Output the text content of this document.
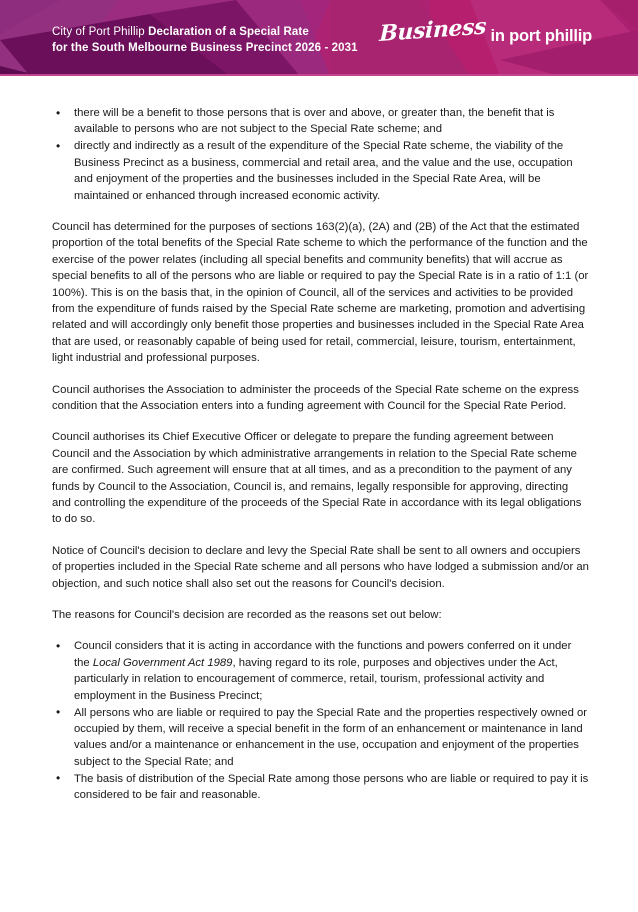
City of Port Phillip Declaration of a Special Rate
for the South Melbourne Business Precinct 2026 - 2031
Business in port phillip
• there will be a benefit to those persons that is over and above, or greater than, the benefit that is available to persons who are not subject to the Special Rate scheme; and
• directly and indirectly as a result of the expenditure of the Special Rate scheme, the viability of the Business Precinct as a business, commercial and retail area, and the value and the use, occupation and enjoyment of the properties and the businesses included in the Special Rate Area, will be maintained or enhanced through increased economic activity.

Council has determined for the purposes of sections 163(2)(a), (2A) and (2B) of the Act that the estimated proportion of the total benefits of the Special Rate scheme to which the performance of the function and the exercise of the power relates (including all special benefits and community benefits) that will accrue as special benefits to all of the persons who are liable or required to pay the Special Rate is in a ratio of 1:1 (or 100%). This is on the basis that, in the opinion of Council, all of the services and activities to be provided from the expenditure of funds raised by the Special Rate scheme are marketing, promotion and advertising related and will accordingly only benefit those properties and businesses included in the Special Rate Area that are used, or reasonably capable of being used for retail, commercial, leisure, tourism, entertainment, light industrial and professional purposes.

Council authorises the Association to administer the proceeds of the Special Rate scheme on the express condition that the Association enters into a funding agreement with Council for the Special Rate Period.

Council authorises its Chief Executive Officer or delegate to prepare the funding agreement between Council and the Association by which administrative arrangements in relation to the Special Rate scheme are confirmed. Such agreement will ensure that at all times, and as a precondition to the payment of any funds by Council to the Association, Council is, and remains, legally responsible for approving, directing and controlling the expenditure of the proceeds of the Special Rate in accordance with its legal obligations to do so.

Notice of Council's decision to declare and levy the Special Rate shall be sent to all owners and occupiers of properties included in the Special Rate scheme and all persons who have lodged a submission and/or an objection, and such notice shall also set out the reasons for Council's decision.

The reasons for Council's decision are recorded as the reasons set out below:

• Council considers that it is acting in accordance with the functions and powers conferred on it under the Local Government Act 1989, having regard to its role, purposes and objectives under the Act, particularly in relation to encouragement of commerce, retail, tourism, professional activity and employment in the Business Precinct;
• All persons who are liable or required to pay the Special Rate and the properties respectively owned or occupied by them, will receive a special benefit in the form of an enhancement or maintenance in land values and/or a maintenance or enhancement in the use, occupation and enjoyment of the properties subject to the Special Rate; and
• The basis of distribution of the Special Rate among those persons who are liable or required to pay it is considered to be fair and reasonable.
